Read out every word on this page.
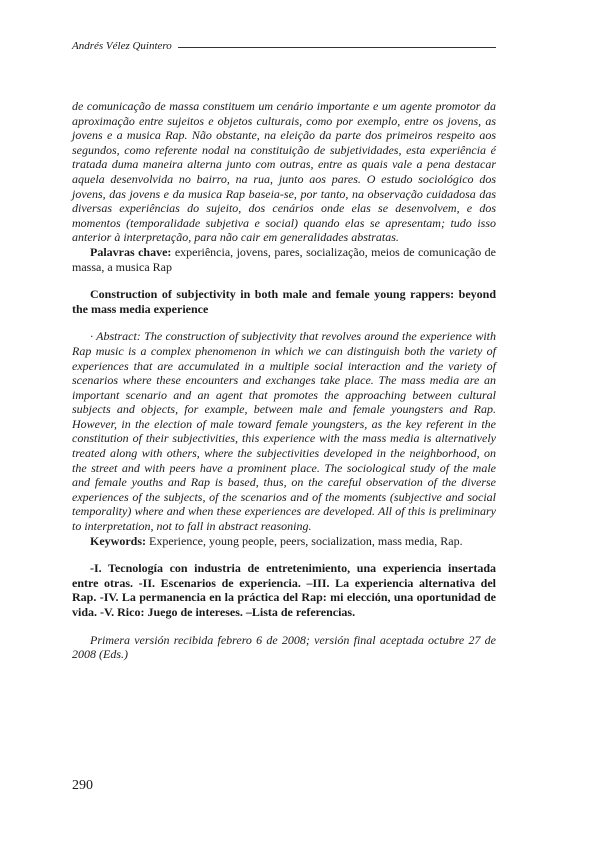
Andrés Vélez Quintero

de comunicação de massa constituem um cenário importante e um agente promotor da aproximação entre sujeitos e objetos culturais, como por exemplo, entre os jovens, as jovens e a musica Rap. Não obstante, na eleição da parte dos primeiros respeito aos segundos, como referente nodal na constituição de subjetividades, esta experiência é tratada duma maneira alterna junto com outras, entre as quais vale a pena destacar aquela desenvolvida no bairro, na rua, junto aos pares. O estudo sociológico dos jovens, das jovens e da musica Rap baseia-se, por tanto, na observação cuidadosa das diversas experiências do sujeito, dos cenários onde elas se desenvolvem, e dos momentos (temporalidade subjetiva e social) quando elas se apresentam; tudo isso anterior à interpretação, para não cair em generalidades abstratas.

Palavras chave: experiência, jovens, pares, socialização, meios de comunicação de massa, a musica Rap

Construction of subjectivity in both male and female young rappers: beyond the mass media experience

· Abstract: The construction of subjectivity that revolves around the experience with Rap music is a complex phenomenon in which we can distinguish both the variety of experiences that are accumulated in a multiple social interaction and the variety of scenarios where these encounters and exchanges take place. The mass media are an important scenario and an agent that promotes the approaching between cultural subjects and objects, for example, between male and female youngsters and Rap. However, in the election of male toward female youngsters, as the key referent in the constitution of their subjectivities, this experience with the mass media is alternatively treated along with others, where the subjectivities developed in the neighborhood, on the street and with peers have a prominent place. The sociological study of the male and female youths and Rap is based, thus, on the careful observation of the diverse experiences of the subjects, of the scenarios and of the moments (subjective and social temporality) where and when these experiences are developed. All of this is preliminary to interpretation, not to fall in abstract reasoning.

Keywords: Experience, young people, peers, socialization, mass media, Rap.

-I. Tecnología con industria de entretenimiento, una experiencia insertada entre otras. -II. Escenarios de experiencia. –III. La experiencia alternativa del Rap. -IV. La permanencia en la práctica del Rap: mi elección, una oportunidad de vida. -V. Rico: Juego de intereses. –Lista de referencias.

Primera versión recibida febrero 6 de 2008; versión final aceptada octubre 27 de 2008 (Eds.)

290
